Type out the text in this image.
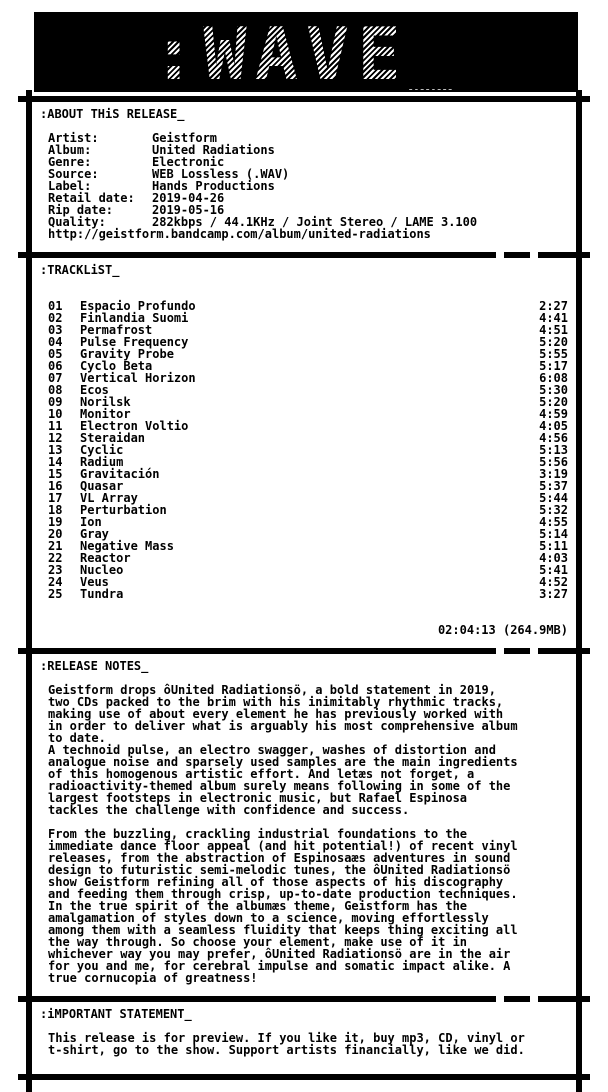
:WAVE_
:ABOUT THiS RELEASE_
Artist:	Geistform
Album:	United Radiations
Genre:	Electronic
Source:	WEB Lossless (.WAV)
Label:	Hands Productions
Retail date: 2019-04-26
Rip date:	2019-05-16
Quality:	282kbps / 44.1KHz / Joint Stereo / LAME 3.100
http://geistform.bandcamp.com/album/united-radiations
:TRACKLiST_
01 Espacio Profundo	2:27
02 Finlandia Suomi	4:41
03 Permafrost	4:51
04 Pulse Frequency	5:20
05 Gravity Probe	5:55
06 Cyclo Beta	5:17
07 Vertical Horizon	6:08
08 Ecos	5:30
09 Norilsk	5:20
10 Monitor	4:59
11 Electron Voltio	4:05
12 Steraidan	4:56
13 Cyclic	5:13
14 Radium	5:56
15 Gravitación	3:19
16 Quasar	5:37
17 VL Array	5:44
18 Perturbation	5:32
19 Ion	4:55
20 Gray	5:14
21 Negative Mass	5:11
22 Reactor	4:03
23 Nucleo	5:41
24 Veus	4:52
25 Tundra	3:27
02:04:13 (264.9MB)
:RELEASE NOTES_
Geistform drops ôUnited Radiationsö, a bold statement in 2019,
two CDs packed to the brim with his inimitably rhythmic tracks,
making use of about every element he has previously worked with
in order to deliver what is arguably his most comprehensive album
to date.
A technoid pulse, an electro swagger, washes of distortion and
analogue noise and sparsely used samples are the main ingredients
of this homogenous artistic effort. And letæs not forget, a
radioactivity-themed album surely means following in some of the
largest footsteps in electronic music, but Rafael Espinosa
tackles the challenge with confidence and success.
From the buzzling, crackling industrial foundations to the
immediate dance floor appeal (and hit potential!) of recent vinyl
releases, from the abstraction of Espinosaæs adventures in sound
design to futuristic semi-melodic tunes, the ôUnited Radiationsö
show Geistform refining all of those aspects of his discography
and feeding them through crisp, up-to-date production techniques.
In the true spirit of the albumæs theme, Geistform has the
amalgamation of styles down to a science, moving effortlessly
among them with a seamless fluidity that keeps thing exciting all
the way through. So choose your element, make use of it in
whichever way you may prefer, ôUnited Radiationsö are in the air
for you and me, for cerebral impulse and somatic impact alike. A
true cornucopia of greatness!
:iMPORTANT STATEMENT_
This release is for preview. If you like it, buy mp3, CD, vinyl or
t-shirt, go to the show. Support artists financially, like we did.
